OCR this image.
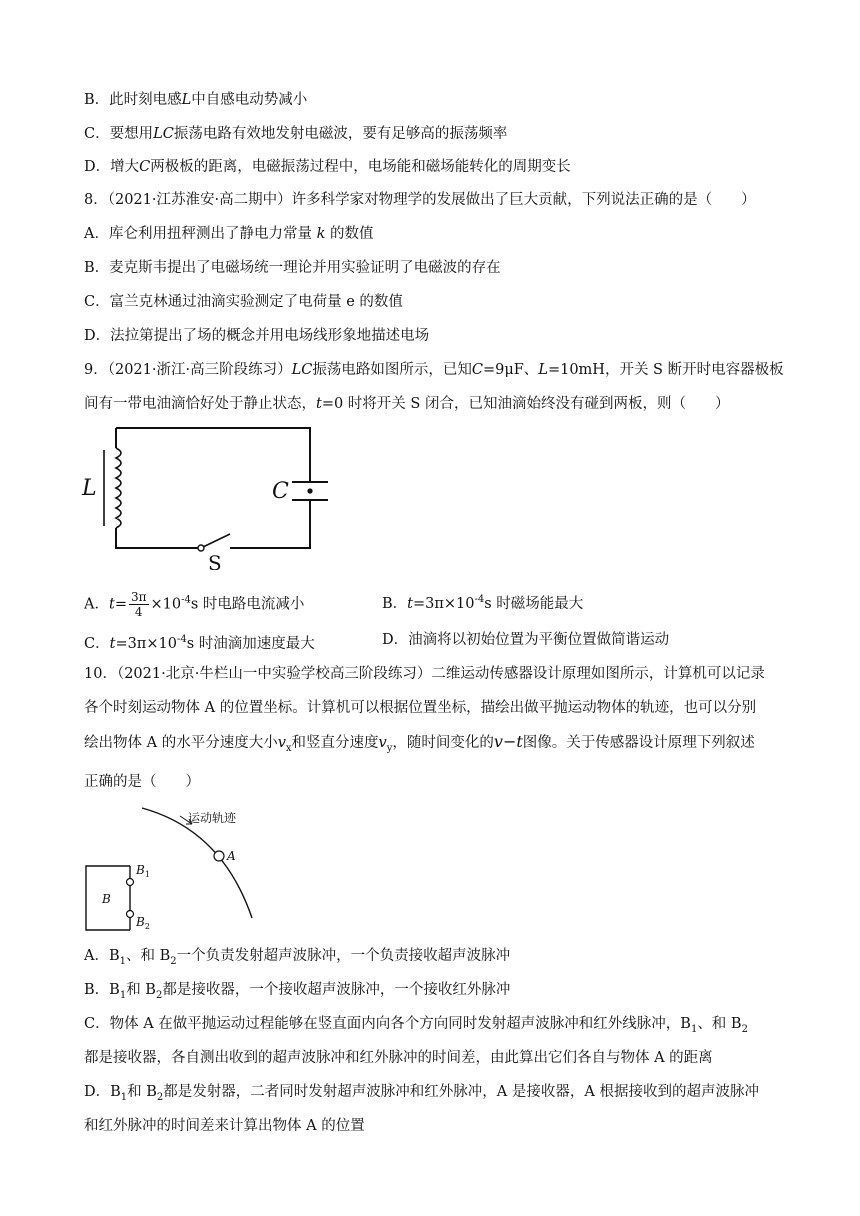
B．此时刻电感L中自感电动势减小
C．要想用LC振荡电路有效地发射电磁波，要有足够高的振荡频率
D．增大C两极板的距离，电磁振荡过程中，电场能和磁场能转化的周期变长
8．（2021·江苏淮安·高二期中）许多科学家对物理学的发展做出了巨大贡献，下列说法正确的是（　　）
A．库仑利用扭秤测出了静电力常量 k 的数值
B．麦克斯韦提出了电磁场统一理论并用实验证明了电磁波的存在
C．富兰克林通过油滴实验测定了电荷量 e 的数值
D．法拉第提出了场的概念并用电场线形象地描述电场
9．（2021·浙江·高三阶段练习）LC振荡电路如图所示，已知C=9μF、L=10mH，开关 S 断开时电容器极板
间有一带电油滴恰好处于静止状态，t=0 时将开关 S 闭合，已知油滴始终没有碰到两板，则（　　）
L	C
S
A．$t= \frac{3\pi}{4} \times 10^{-4}s$ 时电路电流减小	B．$t=3\pi\times 10^{-4}s$ 时磁场能最大
C．$t=3\pi\times 10^{-4}s$ 时油滴加速度最大	D．油滴将以初始位置为平衡位置做简谐运动
10．（2021·北京·牛栏山一中实验学校高三阶段练习）二维运动传感器设计原理如图所示，计算机可以记录
各个时刻运动物体 A 的位置坐标。计算机可以根据位置坐标，描绘出做平抛运动物体的轨迹，也可以分别
绘出物体 A 的水平分速度大小$v_x$和竖直分速度$v_y$，随时间变化的v−t图像。关于传感器设计原理下列叙述
正确的是（　　）
运动轨迹
A
B
$B_1$
$B_2$
A．$B_1$、和 $B_2$一个负责发射超声波脉冲，一个负责接收超声波脉冲
B．$B_1$和 $B_2$都是接收器，一个接收超声波脉冲，一个接收红外脉冲
C．物体 A 在做平抛运动过程能够在竖直面内向各个方向同时发射超声波脉冲和红外线脉冲，$B_1$、和 $B_2$
都是接收器，各自测出收到的超声波脉冲和红外脉冲的时间差，由此算出它们各自与物体 A 的距离
D．$B_1$和 $B_2$都是发射器，二者同时发射超声波脉冲和红外脉冲，A 是接收器，A 根据接收到的超声波脉冲
和红外脉冲的时间差来计算出物体 A 的位置
